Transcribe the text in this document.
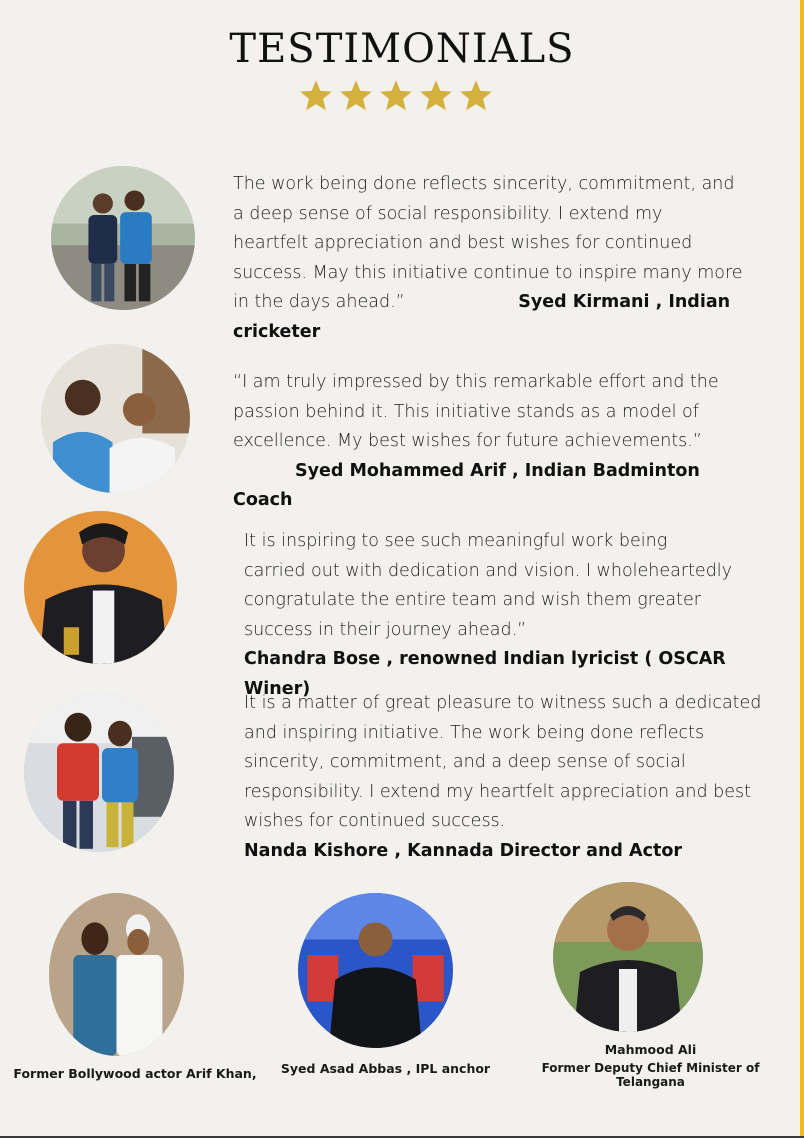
TESTIMONIALS

The work being done reflects sincerity, commitment, and a deep sense of social responsibility. I extend my heartfelt appreciation and best wishes for continued success. May this initiative continue to inspire many more in the days ahead.”	Syed Kirmani , Indian cricketer

“I am truly impressed by this remarkable effort and the passion behind it. This initiative stands as a model of excellence. My best wishes for future achievements.”
Syed Mohammed Arif , Indian Badminton Coach

It is inspiring to see such meaningful work being carried out with dedication and vision. I wholeheartedly congratulate the entire team and wish them greater success in their journey ahead.”
Chandra Bose , renowned Indian lyricist ( OSCAR Winer)

It is a matter of great pleasure to witness such a dedicated and inspiring initiative. The work being done reflects sincerity, commitment, and a deep sense of social responsibility. I extend my heartfelt appreciation and best wishes for continued success.
Nanda Kishore , Kannada Director and Actor

Former Bollywood actor Arif Khan, Syed Asad Abbas , IPL anchor
Mahmood Ali
Former Deputy Chief Minister of Telangana
